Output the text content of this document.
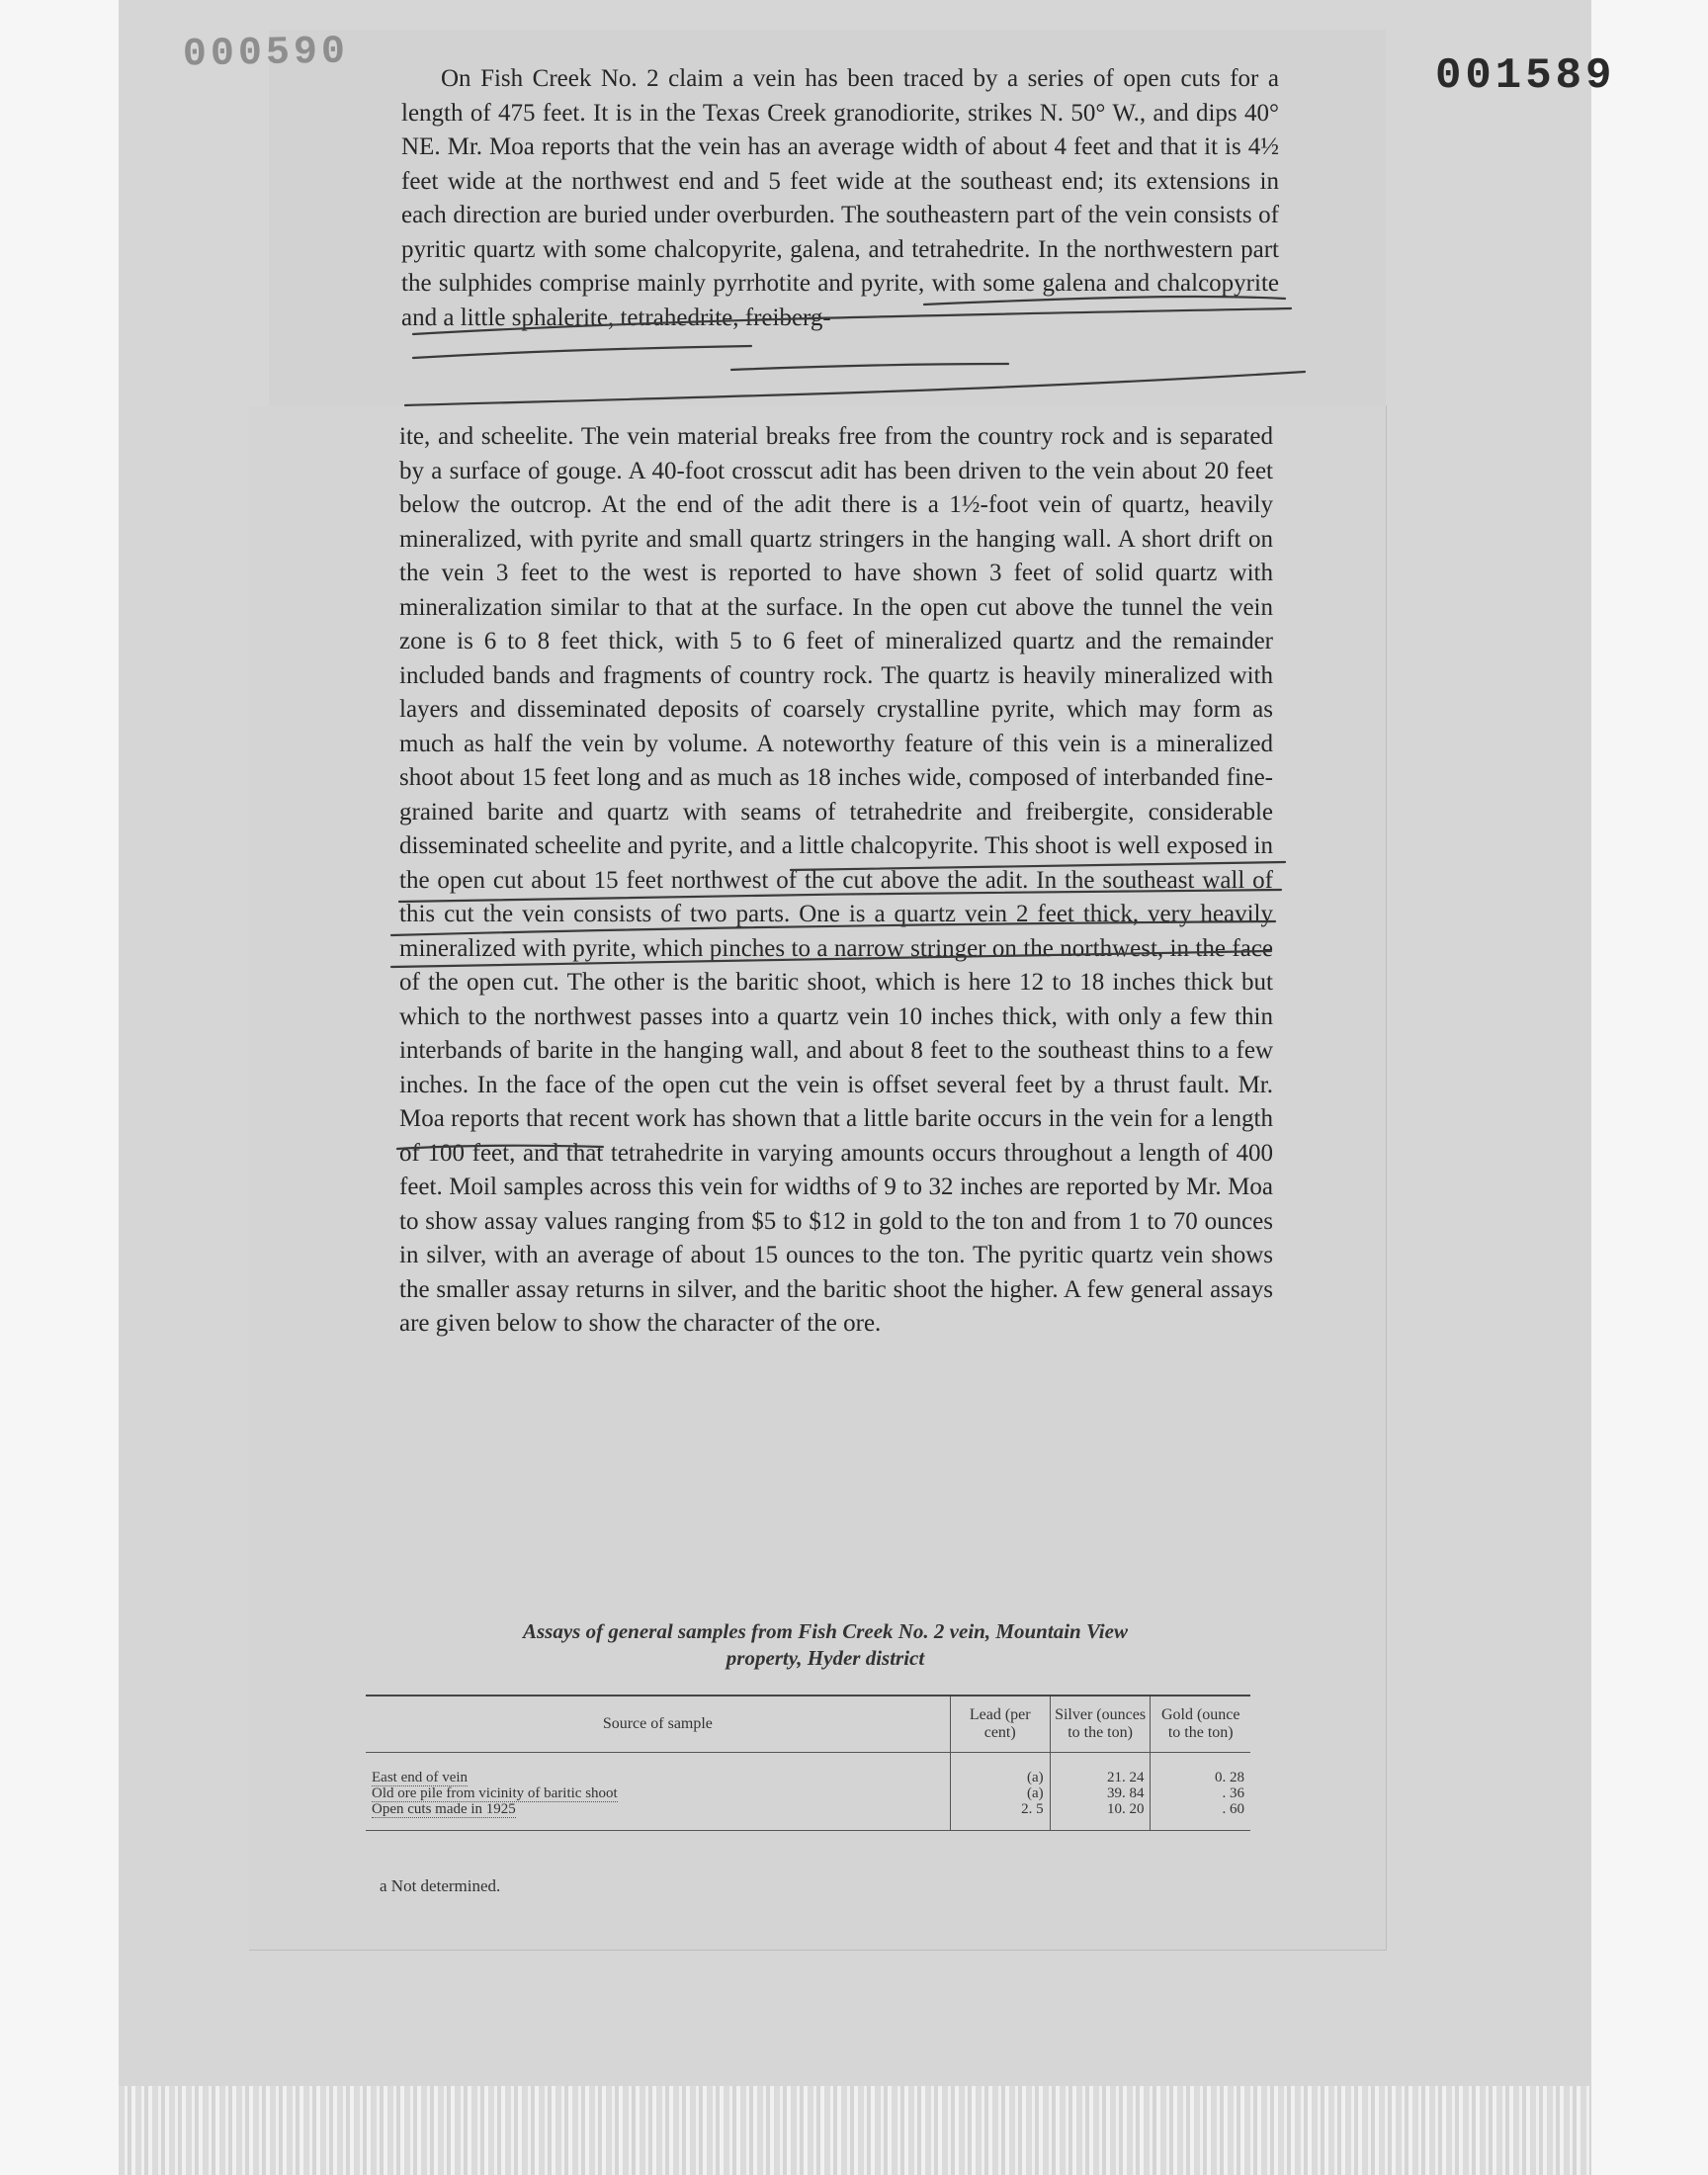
000590	001589

On Fish Creek No. 2 claim a vein has been traced by a series of open cuts for a length of 475 feet. It is in the Texas Creek granodiorite, strikes N. 50° W., and dips 40° NE. Mr. Moa reports that the vein has an average width of about 4 feet and that it is 4½ feet wide at the northwest end and 5 feet wide at the southeast end; its extensions in each direction are buried under overburden. The southeastern part of the vein consists of pyritic quartz with some chalcopyrite, galena, and tetrahedrite. In the northwestern part the sulphides comprise mainly pyrrhotite and pyrite, with some galena and chalcopyrite and a little sphalerite, tetrahedrite, freiberg-

ite, and scheelite. The vein material breaks free from the country rock and is separated by a surface of gouge. A 40-foot crosscut adit has been driven to the vein about 20 feet below the outcrop. At the end of the adit there is a 1½-foot vein of quartz, heavily mineralized, with pyrite and small quartz stringers in the hanging wall. A short drift on the vein 3 feet to the west is reported to have shown 3 feet of solid quartz with mineralization similar to that at the surface. In the open cut above the tunnel the vein zone is 6 to 8 feet thick, with 5 to 6 feet of mineralized quartz and the remainder included bands and fragments of country rock. The quartz is heavily mineralized with layers and disseminated deposits of coarsely crystalline pyrite, which may form as much as half the vein by volume. A noteworthy feature of this vein is a mineralized shoot about 15 feet long and as much as 18 inches wide, composed of interbanded fine-grained barite and quartz with seams of tetrahedrite and freibergite, considerable disseminated scheelite and pyrite, and a little chalcopyrite. This shoot is well exposed in the open cut about 15 feet northwest of the cut above the adit. In the southeast wall of this cut the vein consists of two parts. One is a quartz vein 2 feet thick, very heavily mineralized with pyrite, which pinches to a narrow stringer on the northwest, in the face of the open cut. The other is the baritic shoot, which is here 12 to 18 inches thick but which to the northwest passes into a quartz vein 10 inches thick, with only a few thin interbands of barite in the hanging wall, and about 8 feet to the southeast thins to a few inches. In the face of the open cut the vein is offset several feet by a thrust fault. Mr. Moa reports that recent work has shown that a little barite occurs in the vein for a length of 100 feet, and that tetrahedrite in varying amounts occurs throughout a length of 400 feet. Moil samples across this vein for widths of 9 to 32 inches are reported by Mr. Moa to show assay values ranging from $5 to $12 in gold to the ton and from 1 to 70 ounces in silver, with an average of about 15 ounces to the ton. The pyritic quartz vein shows the smaller assay returns in silver, and the baritic shoot the higher. A few general assays are given below to show the character of the ore.

Assays of general samples from Fish Creek No. 2 vein, Mountain View
property, Hyder district
Source of sample	Lead (per cent)	Silver (ounces to the ton)	Gold (ounce to the ton)
East end of vein	(a)	21. 24	0. 28
Old ore pile from vicinity of baritic shoot	(a)	39. 84	. 36
Open cuts made in 1925	2. 5	10. 20	. 60
a Not determined.
